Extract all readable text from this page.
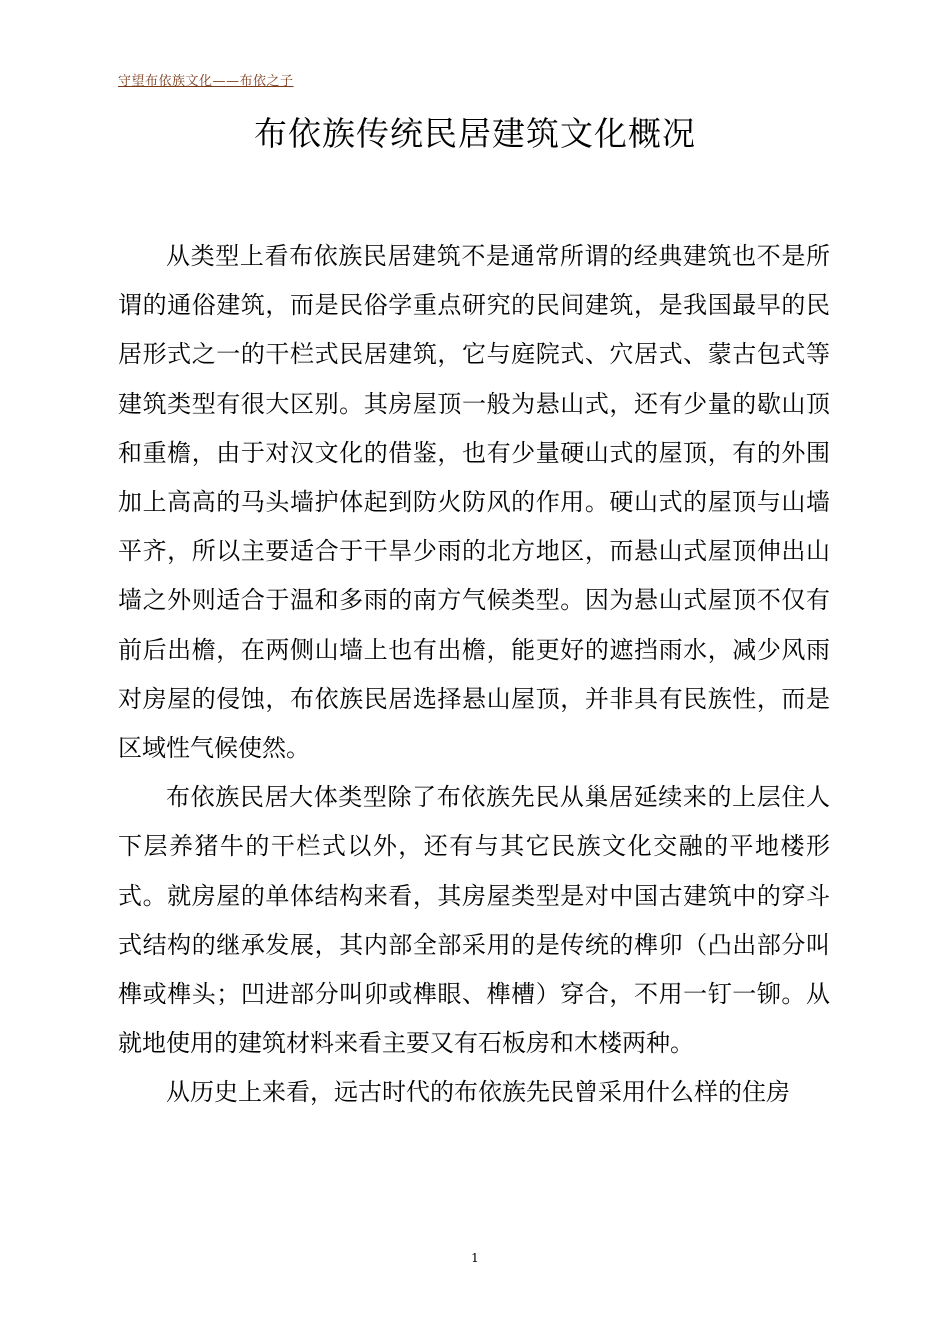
守望布依族文化——布依之子
布依族传统民居建筑文化概况

从类型上看布依族民居建筑不是通常所谓的经典建筑也不是所谓的通俗建筑，而是民俗学重点研究的民间建筑，是我国最早的民居形式之一的干栏式民居建筑，它与庭院式、穴居式、蒙古包式等建筑类型有很大区别。其房屋顶一般为悬山式，还有少量的歇山顶和重檐，由于对汉文化的借鉴，也有少量硬山式的屋顶，有的外围加上高高的马头墙护体起到防火防风的作用。硬山式的屋顶与山墙平齐，所以主要适合于干旱少雨的北方地区，而悬山式屋顶伸出山墙之外则适合于温和多雨的南方气候类型。因为悬山式屋顶不仅有前后出檐，在两侧山墙上也有出檐，能更好的遮挡雨水，减少风雨对房屋的侵蚀，布依族民居选择悬山屋顶，并非具有民族性，而是区域性气候使然。

布依族民居大体类型除了布依族先民从巢居延续来的上层住人下层养猪牛的干栏式以外，还有与其它民族文化交融的平地楼形式。就房屋的单体结构来看，其房屋类型是对中国古建筑中的穿斗式结构的继承发展，其内部全部采用的是传统的榫卯（凸出部分叫榫或榫头；凹进部分叫卯或榫眼、榫槽）穿合，不用一钉一铆。从就地使用的建筑材料来看主要又有石板房和木楼两种。

从历史上来看，远古时代的布依族先民曾采用什么样的住房

1
